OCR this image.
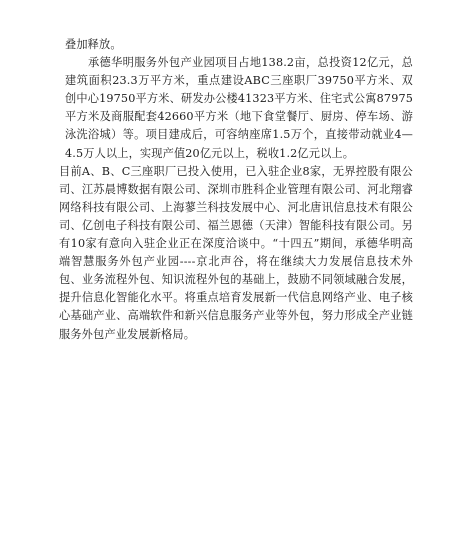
叠加释放。

承德华明服务外包产业园项目占地138.2亩，总投资12亿元，总建筑面积23.3万平方米，重点建设ABC三座职厂39750平方米、双创中心19750平方米、研发办公楼41323平方米、住宅式公寓87975平方米及商服配套42660平方米（地下食堂餐厅、厨房、停车场、游泳洗浴城）等。项目建成后，可容纳座席1.5万个，直接带动就业4—4.5万人以上，实现产值20亿元以上，税收1.2亿元以上。

目前A、B、C三座职厂已投入使用，已入驻企业8家，无界控股有限公司、江苏晨博数据有限公司、深圳市胜科企业管理有限公司、河北翔睿网络科技有限公司、上海蓼兰科技发展中心、河北唐讯信息技术有限公司、亿创电子科技有限公司、福兰恩德（天津）智能科技有限公司。另有10家有意向入驻企业正在深度洽谈中。“十四五”期间，承德华明高端智慧服务外包产业园----京北声谷，将在继续大力发展信息技术外包、业务流程外包、知识流程外包的基础上，鼓励不同领域融合发展，提升信息化智能化水平。将重点培育发展新一代信息网络产业、电子核心基础产业、高端软件和新兴信息服务产业等外包，努力形成全产业链服务外包产业发展新格局。
